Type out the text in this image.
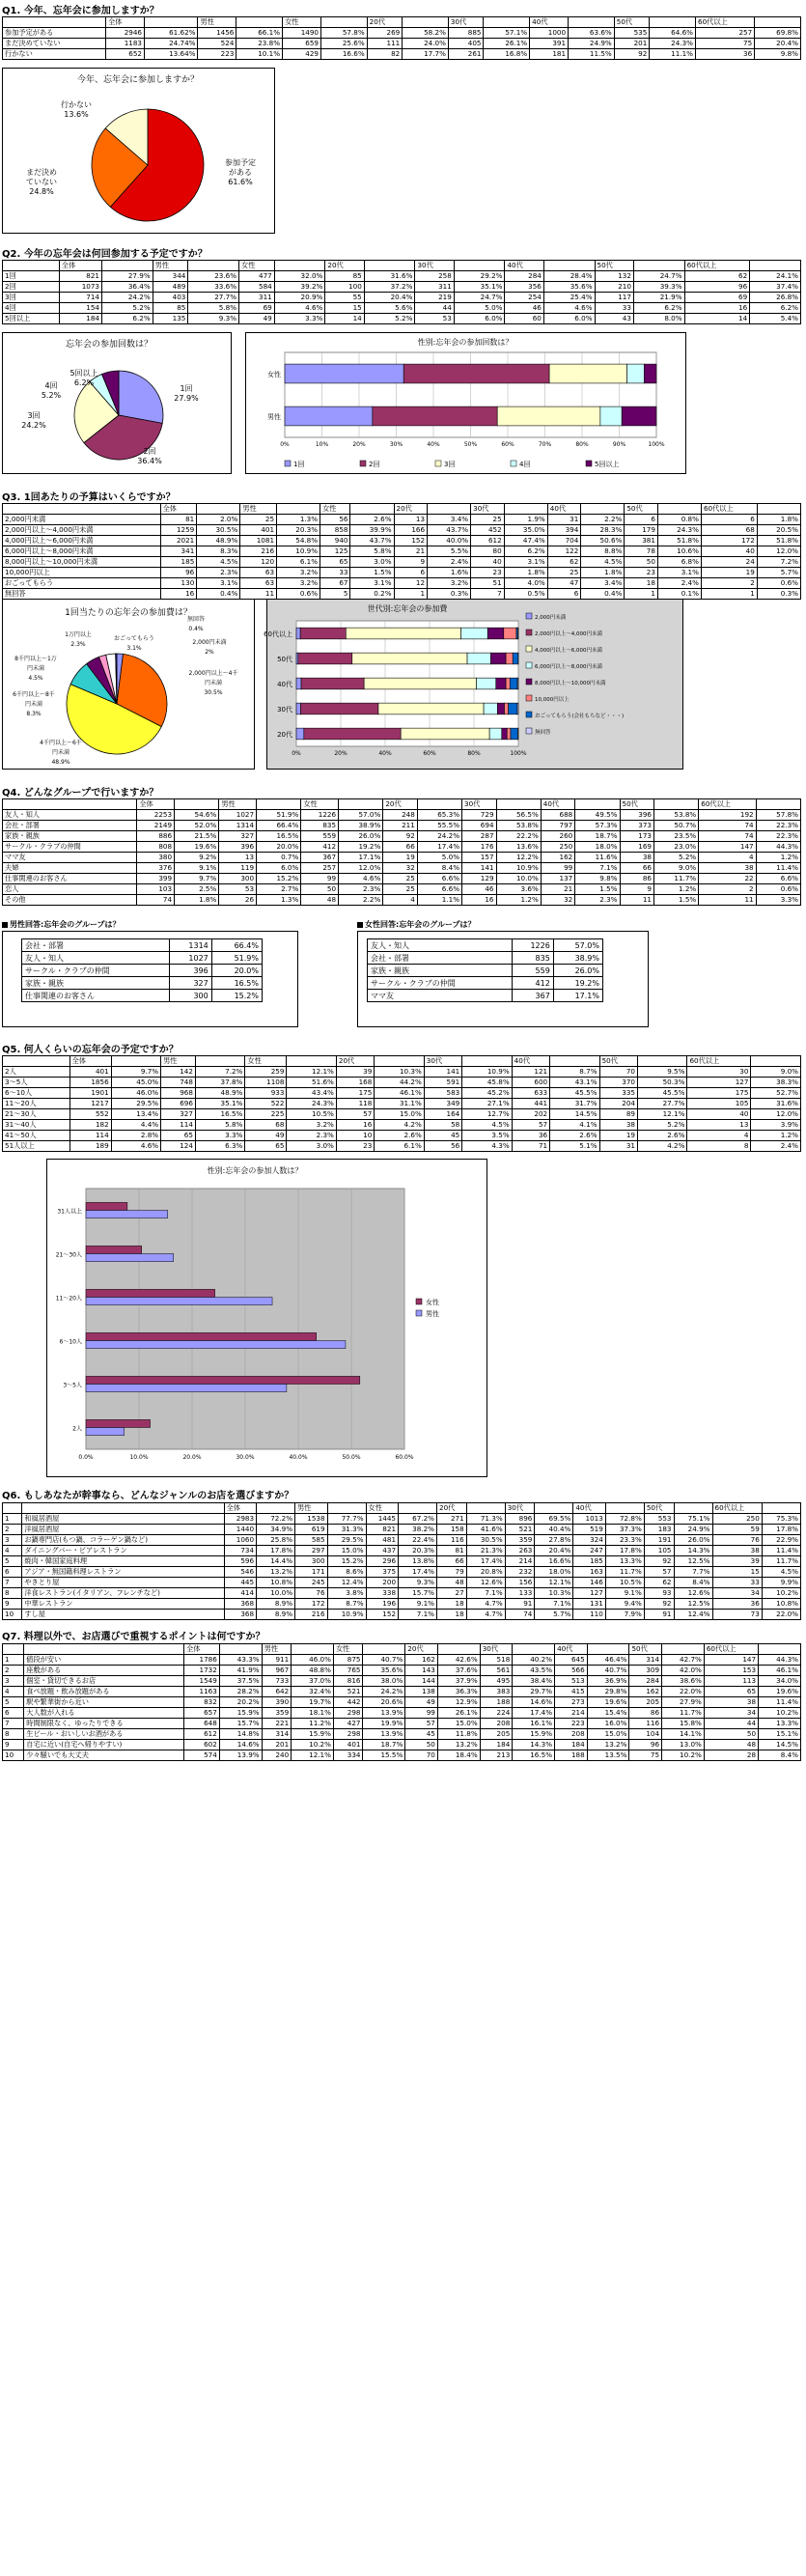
Q1. 今年、忘年会に参加しますか？
	全体		男性		女性		20代		30代		40代		50代		60代以上	
参加予定がある	2946	61.62%	1456	66.1%	1490	57.8%	269	58.2%	885	57.1%	1000	63.6%	535	64.6%	257	69.8%
まだ決めていない	1183	24.74%	524	23.8%	659	25.6%	111	24.0%	405	26.1%	391	24.9%	201	24.3%	75	20.4%
行かない	652	13.64%	223	10.1%	429	16.6%	82	17.7%	261	16.8%	181	11.5%	92	11.1%	36	9.8%
今年、忘年会に参加しますか？
参加予定
がある
61.6%
まだ決め
ていない
24.8%
行かない
13.6%
Q2. 今年の忘年会は何回参加する予定ですか？
	全体		男性		女性		20代		30代		40代		50代		60代以上	
1回	821	27.9%	344	23.6%	477	32.0%	85	31.6%	258	29.2%	284	28.4%	132	24.7%	62	24.1%
2回	1073	36.4%	489	33.6%	584	39.2%	100	37.2%	311	35.1%	356	35.6%	210	39.3%	96	37.4%
3回	714	24.2%	403	27.7%	311	20.9%	55	20.4%	219	24.7%	254	25.4%	117	21.9%	69	26.8%
4回	154	5.2%	85	5.8%	69	4.6%	15	5.6%	44	5.0%	46	4.6%	33	6.2%	16	6.2%
5回以上	184	6.2%	135	9.3%	49	3.3%	14	5.2%	53	6.0%	60	6.0%	43	8.0%	14	5.4%
忘年会の参加回数は？
1回
27.9%
2回
36.4%
3回
24.2%
4回
5.2%
5回以上
6.2%
性別:忘年会の参加回数は？
0%	10%	20%	30%	40%	50%	60%	70%	80%	90%	100%
女性
男性
1回	2回	3回	4回	5回以上
Q3. 1回あたりの予算はいくらですか？
	全体		男性		女性		20代		30代		40代		50代		60代以上	
2,000円未満	81	2.0%	25	1.3%	56	2.6%	13	3.4%	25	1.9%	31	2.2%	6	0.8%	6	1.8%
2,000円以上～4,000円未満	1259	30.5%	401	20.3%	858	39.9%	166	43.7%	452	35.0%	394	28.3%	179	24.3%	68	20.5%
4,000円以上～6,000円未満	2021	48.9%	1081	54.8%	940	43.7%	152	40.0%	612	47.4%	704	50.6%	381	51.8%	172	51.8%
6,000円以上～8,000円未満	341	8.3%	216	10.9%	125	5.8%	21	5.5%	80	6.2%	122	8.8%	78	10.6%	40	12.0%
8,000円以上～10,000円未満	185	4.5%	120	6.1%	65	3.0%	9	2.4%	40	3.1%	62	4.5%	50	6.8%	24	7.2%
10,000円以上	96	2.3%	63	3.2%	33	1.5%	6	1.6%	23	1.8%	25	1.8%	23	3.1%	19	5.7%
おごってもらう	130	3.1%	63	3.2%	67	3.1%	12	3.2%	51	4.0%	47	3.4%	18	2.4%	2	0.6%
無回答	16	0.4%	11	0.6%	5	0.2%	1	0.3%	7	0.5%	6	0.4%	1	0.1%	1	0.3%
1回当たりの忘年会の参加費は？
2,000円未満
2%
2,000円以上～4千
円未満
30.5%
4千円以上～6千
円未満
48.9%
6千円以上～8千
円未満
8.3%
8千円以上～1万
円未満
4.5%
1万円以上
2.3%
おごってもらう
3.1%
無回答
0.4%
世代別:忘年会の参加費
0%	20%	40%	60%	80%	100%
60代以上
50代
40代
30代
20代
2,000円未満
2,000円以上～4,000円未満
4,000円以上～6,000円未満
6,000円以上～8,000円未満
8,000円以上～10,000円未満
10,000円以上
おごってもらう(会社もちなど・・・)
無回答
Q4. どんなグループで行いますか？
	全体		男性		女性		20代		30代		40代		50代		60代以上	
友人・知人	2253	54.6%	1027	51.9%	1226	57.0%	248	65.3%	729	56.5%	688	49.5%	396	53.8%	192	57.8%
会社・部署	2149	52.0%	1314	66.4%	835	38.9%	211	55.5%	694	53.8%	797	57.3%	373	50.7%	74	22.3%
家族・親族	886	21.5%	327	16.5%	559	26.0%	92	24.2%	287	22.2%	260	18.7%	173	23.5%	74	22.3%
サークル・クラブの仲間	808	19.6%	396	20.0%	412	19.2%	66	17.4%	176	13.6%	250	18.0%	169	23.0%	147	44.3%
ママ友	380	9.2%	13	0.7%	367	17.1%	19	5.0%	157	12.2%	162	11.6%	38	5.2%	4	1.2%
夫婦	376	9.1%	119	6.0%	257	12.0%	32	8.4%	141	10.9%	99	7.1%	66	9.0%	38	11.4%
仕事関連のお客さん	399	9.7%	300	15.2%	99	4.6%	25	6.6%	129	10.0%	137	9.8%	86	11.7%	22	6.6%
恋人	103	2.5%	53	2.7%	50	2.3%	25	6.6%	46	3.6%	21	1.5%	9	1.2%	2	0.6%
その他	74	1.8%	26	1.3%	48	2.2%	4	1.1%	16	1.2%	32	2.3%	11	1.5%	11	3.3%
男性回答:忘年会のグループは？
会社・部署	1314	66.4%
友人・知人	1027	51.9%
サークル・クラブの仲間	396	20.0%
家族・親族	327	16.5%
仕事関連のお客さん	300	15.2%
女性回答:忘年会のグループは？
友人・知人	1226	57.0%
会社・部署	835	38.9%
家族・親族	559	26.0%
サークル・クラブの仲間	412	19.2%
ママ友	367	17.1%
Q5. 何人くらいの忘年会の予定ですか？
	全体		男性		女性		20代		30代		40代		50代		60代以上	
2人	401	9.7%	142	7.2%	259	12.1%	39	10.3%	141	10.9%	121	8.7%	70	9.5%	30	9.0%
3～5人	1856	45.0%	748	37.8%	1108	51.6%	168	44.2%	591	45.8%	600	43.1%	370	50.3%	127	38.3%
6～10人	1901	46.0%	968	48.9%	933	43.4%	175	46.1%	583	45.2%	633	45.5%	335	45.5%	175	52.7%
11～20人	1217	29.5%	696	35.1%	522	24.3%	118	31.1%	349	27.1%	441	31.7%	204	27.7%	105	31.6%
21～30人	552	13.4%	327	16.5%	225	10.5%	57	15.0%	164	12.7%	202	14.5%	89	12.1%	40	12.0%
31～40人	182	4.4%	114	5.8%	68	3.2%	16	4.2%	58	4.5%	57	4.1%	38	5.2%	13	3.9%
41～50人	114	2.8%	65	3.3%	49	2.3%	10	2.6%	45	3.5%	36	2.6%	19	2.6%	4	1.2%
51人以上	189	4.6%	124	6.3%	65	3.0%	23	6.1%	56	4.3%	71	5.1%	31	4.2%	8	2.4%
性別:忘年会の参加人数は？
0.0%	10.0%	20.0%	30.0%	40.0%	50.0%	60.0%
31人以上
21～30人
11～20人
6～10人
3～5人
2人
女性
男性
Q6. もしあなたが幹事なら、どんなジャンルのお店を選びますか？
		全体		男性		女性		20代		30代		40代		50代		60代以上	
1	和風居酒屋	2983	72.2%	1538	77.7%	1445	67.2%	271	71.3%	896	69.5%	1013	72.8%	553	75.1%	250	75.3%
2	洋風居酒屋	1440	34.9%	619	31.3%	821	38.2%	158	41.6%	521	40.4%	519	37.3%	183	24.9%	59	17.8%
3	お鍋専門店(もつ鍋、コラーゲン鍋など)	1060	25.8%	585	29.5%	481	22.4%	116	30.5%	359	27.8%	324	23.3%	191	26.0%	76	22.9%
4	ダイニングバー・ビアレストラン	734	17.8%	297	15.0%	437	20.3%	81	21.3%	263	20.4%	247	17.8%	105	14.3%	38	11.4%
5	焼肉・韓国家庭料理	596	14.4%	300	15.2%	296	13.8%	66	17.4%	214	16.6%	185	13.3%	92	12.5%	39	11.7%
6	アジア・無国籍料理レストラン	546	13.2%	171	8.6%	375	17.4%	79	20.8%	232	18.0%	163	11.7%	57	7.7%	15	4.5%
7	やきとり屋	445	10.8%	245	12.4%	200	9.3%	48	12.6%	156	12.1%	146	10.5%	62	8.4%	33	9.9%
8	洋食レストラン(イタリアン、フレンチなど)	414	10.0%	76	3.8%	338	15.7%	27	7.1%	133	10.3%	127	9.1%	93	12.6%	34	10.2%
9	中華レストラン	368	8.9%	172	8.7%	196	9.1%	18	4.7%	91	7.1%	131	9.4%	92	12.5%	36	10.8%
10	すし屋	368	8.9%	216	10.9%	152	7.1%	18	4.7%	74	5.7%	110	7.9%	91	12.4%	73	22.0%
Q7. 料理以外で、お店選びで重視するポイントは何ですか？
		全体		男性		女性		20代		30代		40代		50代		60代以上	
1	値段が安い	1786	43.3%	911	46.0%	875	40.7%	162	42.6%	518	40.2%	645	46.4%	314	42.7%	147	44.3%
2	座敷がある	1732	41.9%	967	48.8%	765	35.6%	143	37.6%	561	43.5%	566	40.7%	309	42.0%	153	46.1%
3	個室・貸切できるお店	1549	37.5%	733	37.0%	816	38.0%	144	37.9%	495	38.4%	513	36.9%	284	38.6%	113	34.0%
4	食べ放題・飲み放題がある	1163	28.2%	642	32.4%	521	24.2%	138	36.3%	383	29.7%	415	29.8%	162	22.0%	65	19.6%
5	駅や繁華街から近い	832	20.2%	390	19.7%	442	20.6%	49	12.9%	188	14.6%	273	19.6%	205	27.9%	38	11.4%
6	大人数が入れる	657	15.9%	359	18.1%	298	13.9%	99	26.1%	224	17.4%	214	15.4%	86	11.7%	34	10.2%
7	時間制限なく、ゆったりできる	648	15.7%	221	11.2%	427	19.9%	57	15.0%	208	16.1%	223	16.0%	116	15.8%	44	13.3%
8	生ビール・おいしいお酒がある	612	14.8%	314	15.9%	298	13.9%	45	11.8%	205	15.9%	208	15.0%	104	14.1%	50	15.1%
9	自宅に近い(自宅へ帰りやすい)	602	14.6%	201	10.2%	401	18.7%	50	13.2%	184	14.3%	184	13.2%	96	13.0%	48	14.5%
10	少々騒いでも大丈夫	574	13.9%	240	12.1%	334	15.5%	70	18.4%	213	16.5%	188	13.5%	75	10.2%	28	8.4%
